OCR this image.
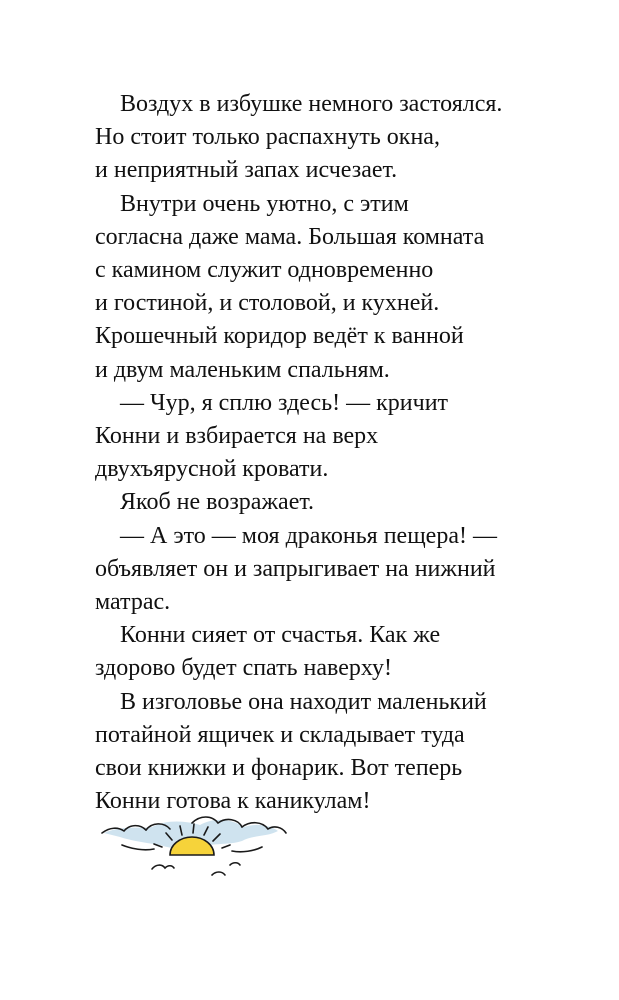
Воздух в избушке немного застоялся.
Но стоит только распахнуть окна,
и неприятный запах исчезает.
Внутри очень уютно, с этим
согласна даже мама. Большая комната
с камином служит одновременно
и гостиной, и столовой, и кухней.
Крошечный коридор ведёт к ванной
и двум маленьким спальням.
— Чур, я сплю здесь! — кричит
Конни и взбирается на верх
двухъярусной кровати.
Якоб не возражает.
— А это — моя драконья пещера! —
объявляет он и запрыгивает на нижний
матрас.
Конни сияет от счастья. Как же
здорово будет спать наверху!
В изголовье она находит маленький
потайной ящичек и складывает туда
свои книжки и фонарик. Вот теперь
Конни готова к каникулам!
